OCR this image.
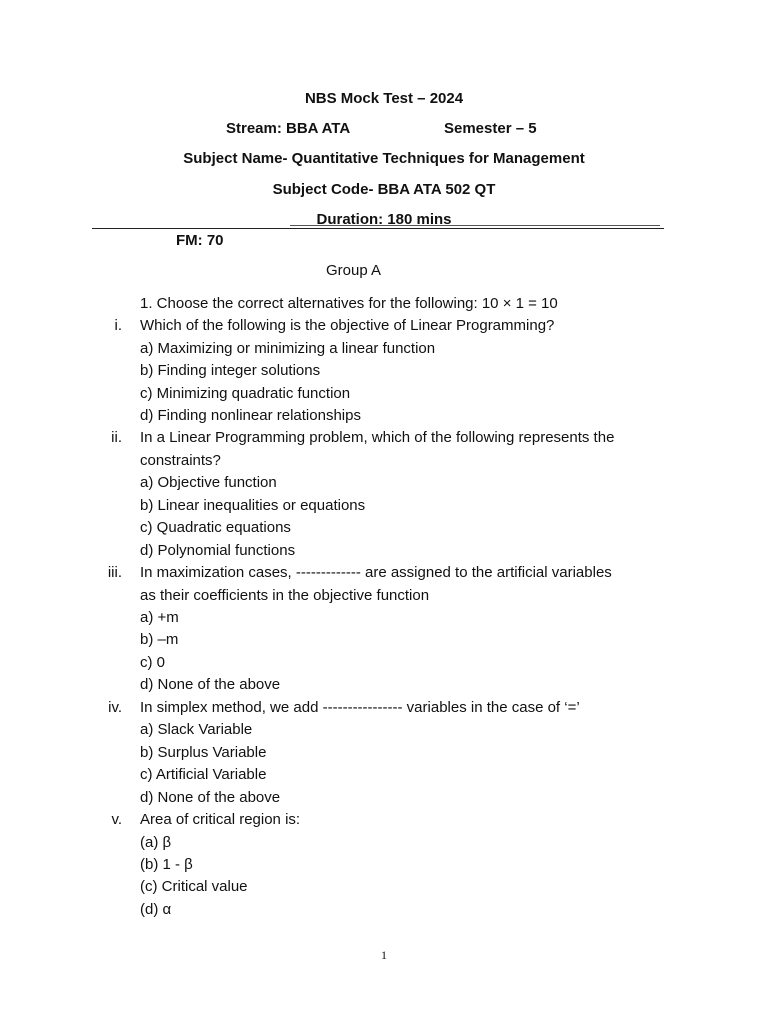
NBS Mock Test – 2024
Stream: BBA ATA	Semester – 5
Subject Name- Quantitative Techniques for Management
Subject Code- BBA ATA 502 QT
Duration: 180 mins
FM: 70
Group A
1. Choose the correct alternatives for the following: 10 × 1 = 10
i. Which of the following is the objective of Linear Programming?
a) Maximizing or minimizing a linear function
b) Finding integer solutions
c) Minimizing quadratic function
d) Finding nonlinear relationships
ii. In a Linear Programming problem, which of the following represents the
constraints?
a) Objective function
b) Linear inequalities or equations
c) Quadratic equations
d) Polynomial functions
iii. In maximization cases, ------------- are assigned to the artificial variables
as their coefficients in the objective function
a) +m
b) –m
c) 0
d) None of the above
iv. In simplex method, we add ---------------- variables in the case of ‘=’
a) Slack Variable
b) Surplus Variable
c) Artificial Variable
d) None of the above
v. Area of critical region is:
(a) β
(b) 1 - β
(c) Critical value
(d) α
1
